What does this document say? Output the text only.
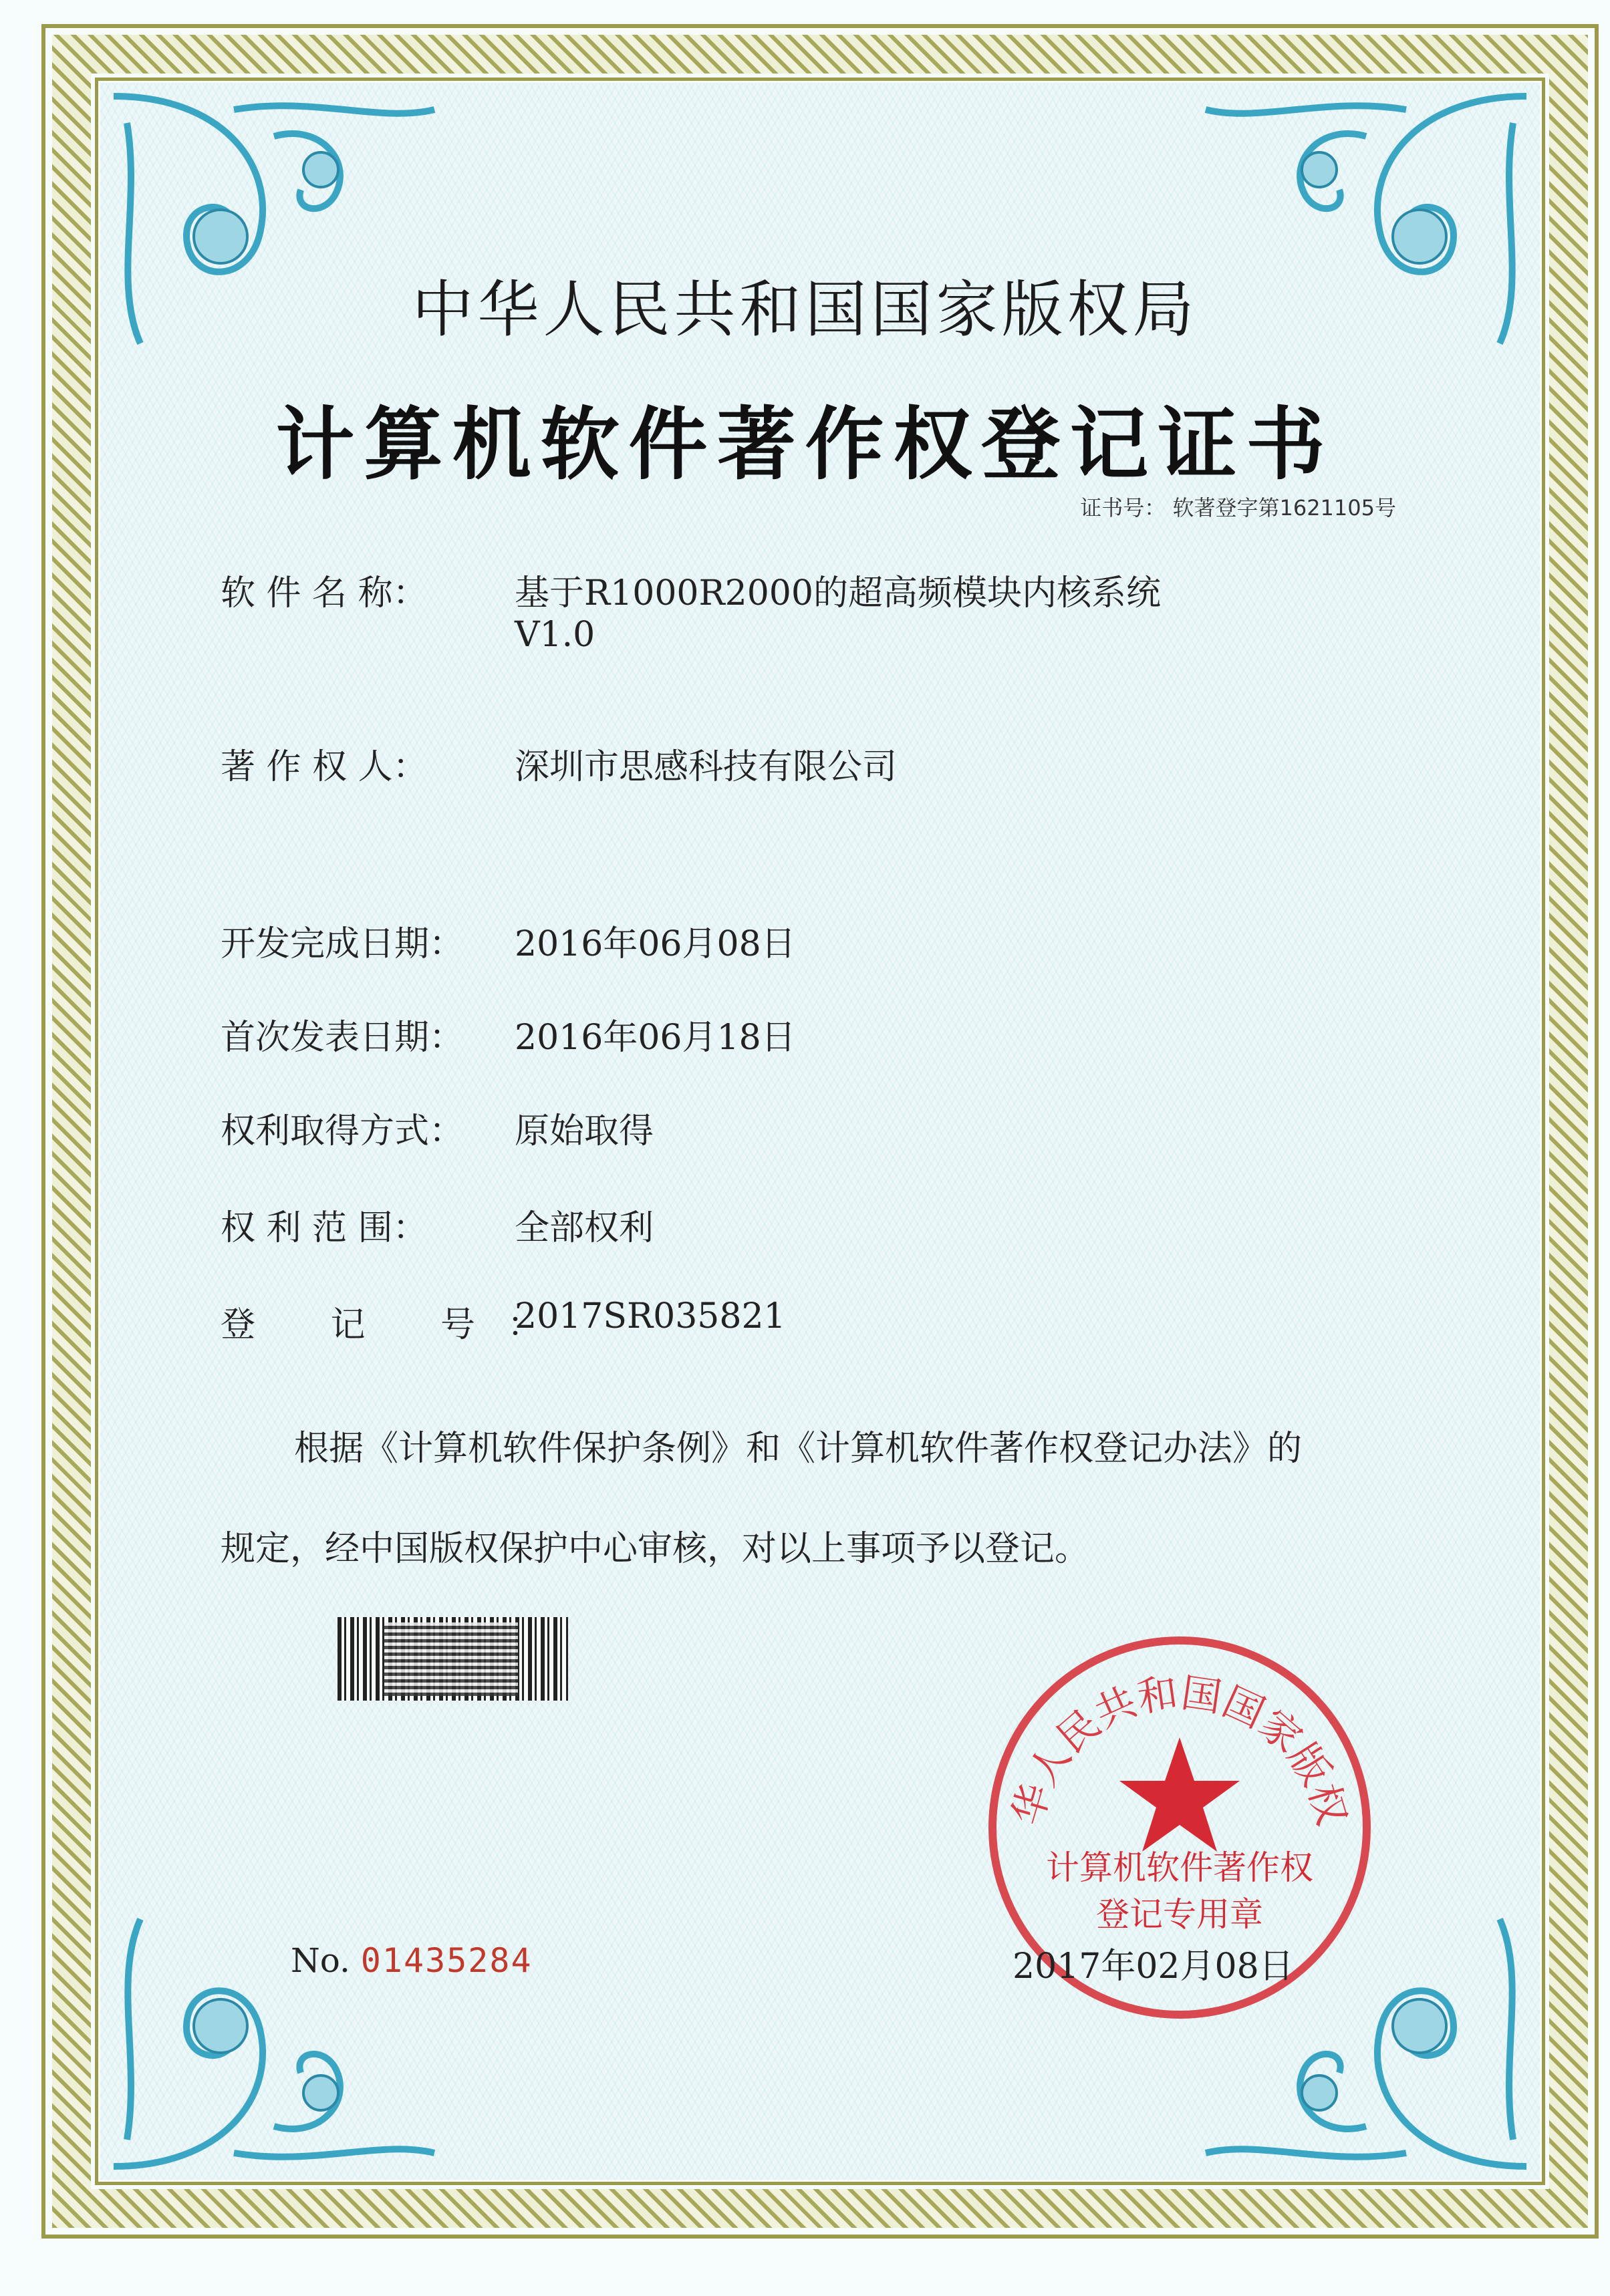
中华人民共和国国家版权局
计算机软件著作权登记证书
证书号： 软著登字第1621105号
软 件 名 称：	基于R1000R2000的超高频模块内核系统
V1.0
著 作 权 人：	深圳市思感科技有限公司
开发完成日期： 2016年06月08日
首次发表日期： 2016年06月18日
权利取得方式： 原始取得
权 利 范 围：	全部权利
登 记 号：2017SR035821
根据《计算机软件保护条例》和《计算机软件著作权登记办法》的
规定，经中国版权保护中心审核，对以上事项予以登记。
No. 01435284
华人民共和国国家版权
计算机软件著作权
登记专用章
2017年02月08日
